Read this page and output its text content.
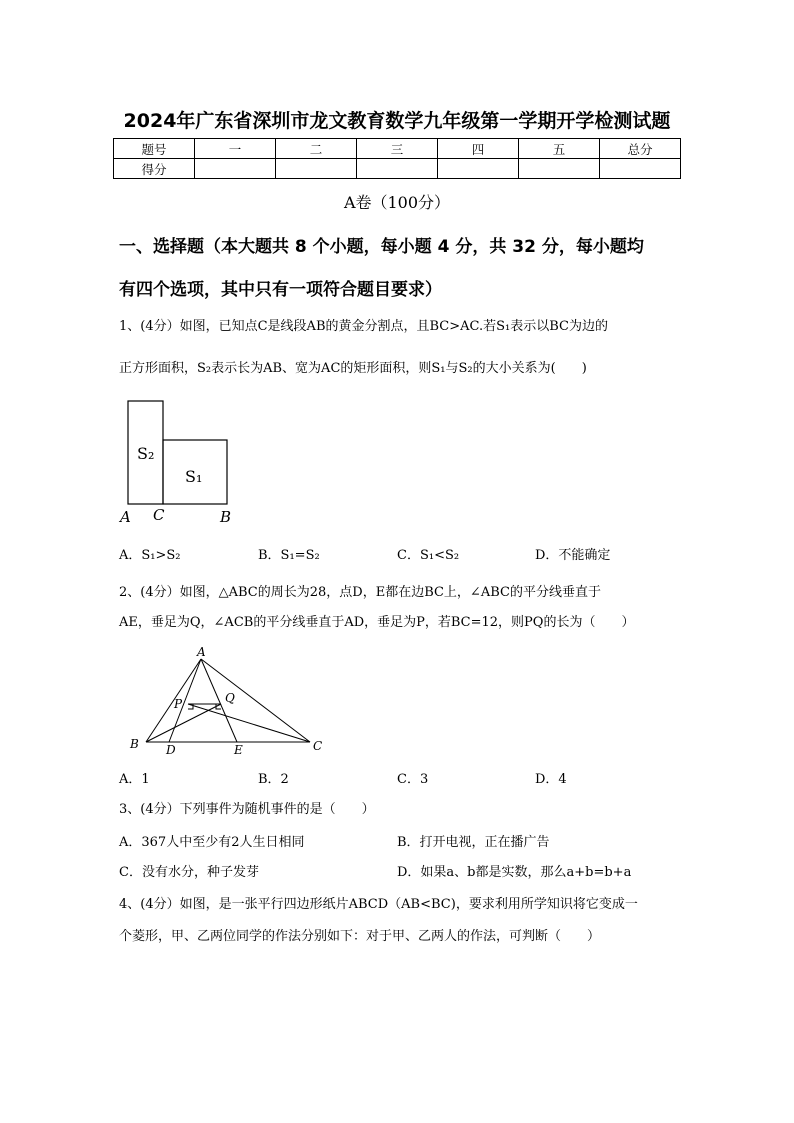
2024年广东省深圳市龙文教育数学九年级第一学期开学检测试题
题号	一	二	三	四	五	总分
得分						
A卷（100分）
一、选择题（本大题共 8 个小题，每小题 4 分，共 32 分，每小题均
有四个选项，其中只有一项符合题目要求）
1、(4分）如图，已知点C是线段AB的黄金分割点，且BC>AC.若S₁表示以BC为边的
正方形面积，S₂表示长为AB、宽为AC的矩形面积，则S₁与S₂的大小关系为(　　)
S₂
S₁
A C	B
A．S₁>S₂	B．S₁=S₂	C．S₁<S₂	D．不能确定
2、(4分）如图，△ABC的周长为28，点D，E都在边BC上，∠ABC的平分线垂直于
AE，垂足为Q，∠ACB的平分线垂直于AD，垂足为P，若BC=12，则PQ的长为（　　）
A
B	C
D	E
P	Q
A．1	B．2	C．3	D．4
3、(4分）下列事件为随机事件的是（　　）
A．367人中至少有2人生日相同	B．打开电视，正在播广告
C．没有水分，种子发芽	D．如果a、b都是实数，那么a+b=b+a
4、(4分）如图，是一张平行四边形纸片ABCD（AB<BC)，要求利用所学知识将它变成一
个菱形，甲、乙两位同学的作法分别如下：对于甲、乙两人的作法，可判断（　　）
